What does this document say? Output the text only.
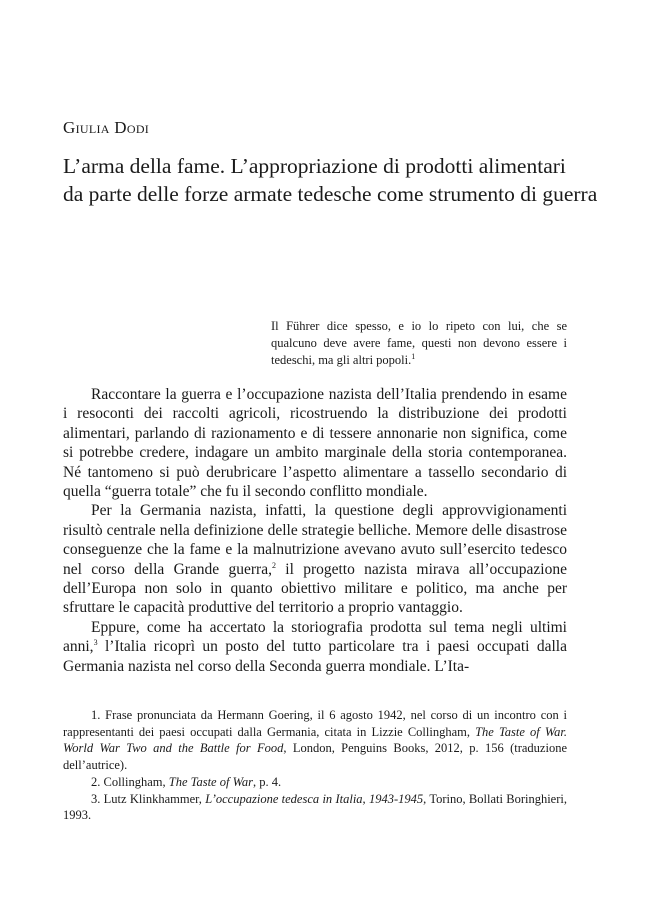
Giulia Dodi
L’arma della fame. L’appropriazione di prodotti alimentari
da parte delle forze armate tedesche come strumento di guerra
Il Führer dice spesso, e io lo ripeto con lui, che se qualcuno deve avere fame, questi non devono essere i tedeschi, ma gli altri popoli.$^1$

Raccontare la guerra e l’occupazione nazista dell’Italia prendendo in esame i resoconti dei raccolti agricoli, ricostruendo la distribuzione dei prodotti alimentari, parlando di razionamento e di tessere annonarie non significa, come si potrebbe credere, indagare un ambito marginale della storia contemporanea. Né tantomeno si può derubricare l’aspetto alimentare a tassello secondario di quella “guerra totale” che fu il secondo conflitto mondiale.

Per la Germania nazista, infatti, la questione degli approvvigionamenti risultò centrale nella definizione delle strategie belliche. Memore delle disastrose conseguenze che la fame e la malnutrizione avevano avuto sull’esercito tedesco nel corso della Grande guerra,$^2$ il progetto nazista mirava all’occupazione dell’Europa non solo in quanto obiettivo militare e politico, ma anche per sfruttare le capacità produttive del territorio a proprio vantaggio.

Eppure, come ha accertato la storiografia prodotta sul tema negli ultimi anni,$^3$ l’Italia ricoprì un posto del tutto particolare tra i paesi occupati dalla Germania nazista nel corso della Seconda guerra mondiale. L’Ita-

1. Frase pronunciata da Hermann Goering, il 6 agosto 1942, nel corso di un incontro con i rappresentanti dei paesi occupati dalla Germania, citata in Lizzie Collingham, The Taste of War. World War Two and the Battle for Food, London, Penguins Books, 2012, p. 156 (traduzione dell’autrice).

2. Collingham, The Taste of War, p. 4.

3. Lutz Klinkhammer, L’occupazione tedesca in Italia, 1943-1945, Torino, Bollati Boringhieri, 1993.
